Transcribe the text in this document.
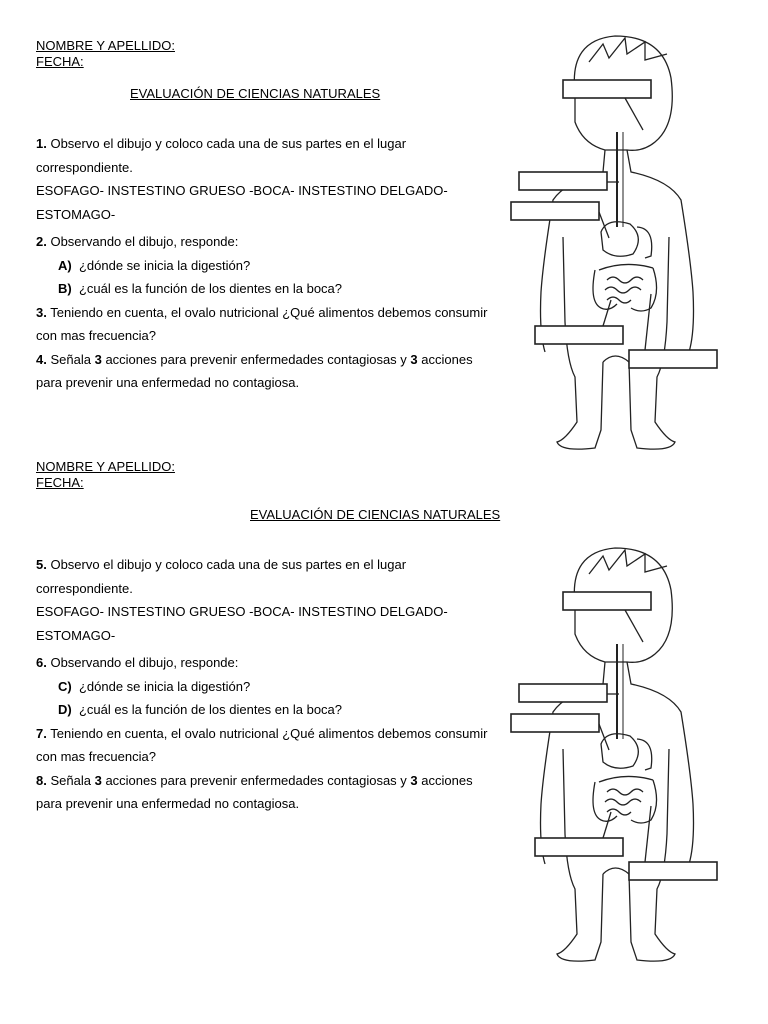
NOMBRE Y APELLIDO:
FECHA:
EVALUACIÓN DE CIENCIAS NATURALES

1. Observo el dibujo y coloco cada una de sus partes en el lugar correspondiente.

ESOFAGO- INSTESTINO GRUESO -BOCA- INSTESTINO DELGADO-

ESTOMAGO-

2. Observando el dibujo, responde:

A) ¿dónde se inicia la digestión?

B) ¿cuál es la función de los dientes en la boca?

3. Teniendo en cuenta, el ovalo nutricional ¿Qué alimentos debemos consumir con mas frecuencia?

4. Señala 3 acciones para prevenir enfermedades contagiosas y 3 acciones para prevenir una enfermedad no contagiosa.

NOMBRE Y APELLIDO:
FECHA:
EVALUACIÓN DE CIENCIAS NATURALES

5. Observo el dibujo y coloco cada una de sus partes en el lugar correspondiente.

ESOFAGO- INSTESTINO GRUESO -BOCA- INSTESTINO DELGADO-

ESTOMAGO-

6. Observando el dibujo, responde:

C) ¿dónde se inicia la digestión?

D) ¿cuál es la función de los dientes en la boca?

7. Teniendo en cuenta, el ovalo nutricional ¿Qué alimentos debemos consumir con mas frecuencia?

8. Señala 3 acciones para prevenir enfermedades contagiosas y 3 acciones para prevenir una enfermedad no contagiosa.
